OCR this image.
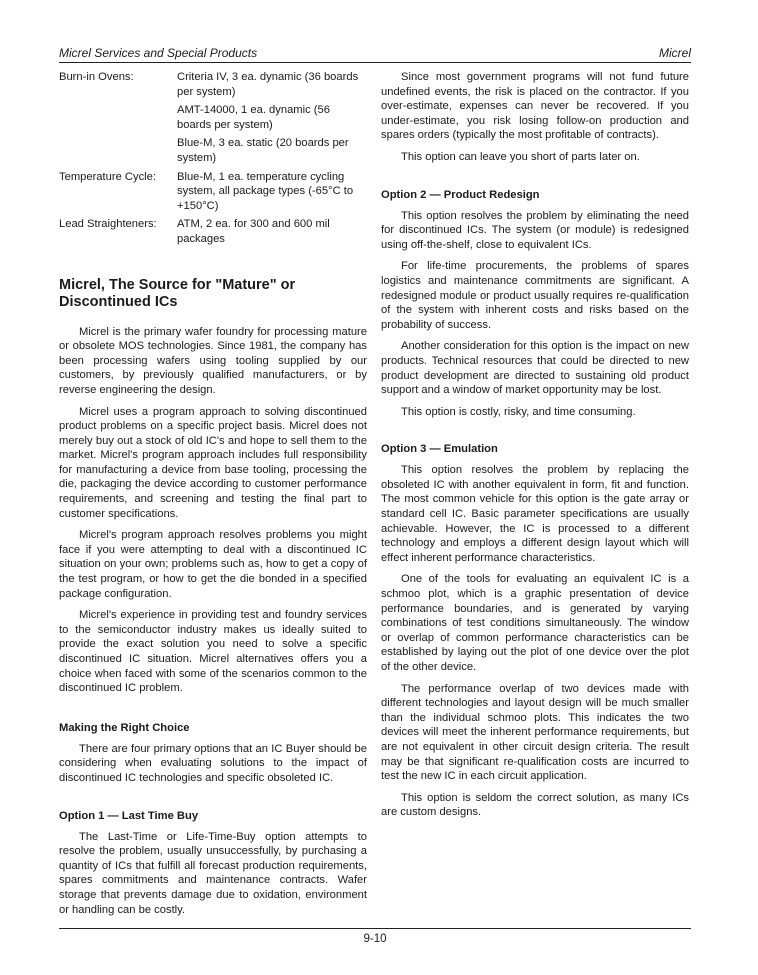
Micrel Services and Special Products	Micrel
Burn-in Ovens:	Criteria IV, 3 ea. dynamic (36 boards per system)
AMT-14000, 1 ea. dynamic (56 boards per system)
Blue-M, 3 ea. static (20 boards per system)
Temperature Cycle:	Blue-M, 1 ea. temperature cycling system, all package types (-65°C to +150°C)
Lead Straighteners:	ATM, 2 ea. for 300 and 600 mil packages
Micrel, The Source for "Mature" or Discontinued ICs

Micrel is the primary wafer foundry for processing mature or obsolete MOS technologies. Since 1981, the company has been processing wafers using tooling supplied by our customers, by previously qualified manufacturers, or by reverse engineering the design.

Micrel uses a program approach to solving discontinued product problems on a specific project basis. Micrel does not merely buy out a stock of old IC's and hope to sell them to the market. Micrel's program approach includes full responsibility for manufacturing a device from base tooling, processing the die, packaging the device according to customer performance requirements, and screening and testing the final part to customer specifications.

Micrel's program approach resolves problems you might face if you were attempting to deal with a discontinued IC situation on your own; problems such as, how to get a copy of the test program, or how to get the die bonded in a specified package configuration.

Micrel's experience in providing test and foundry services to the semiconductor industry makes us ideally suited to provide the exact solution you need to solve a specific discontinued IC situation. Micrel alternatives offers you a choice when faced with some of the scenarios common to the discontinued IC problem.

Making the Right Choice

There are four primary options that an IC Buyer should be considering when evaluating solutions to the impact of discontinued IC technologies and specific obsoleted IC.

Option 1 — Last Time Buy

The Last-Time or Life-Time-Buy option attempts to resolve the problem, usually unsuccessfully, by purchasing a quantity of ICs that fulfill all forecast production requirements, spares commitments and maintenance contracts. Wafer storage that prevents damage due to oxidation, environment or handling can be costly.

Since most government programs will not fund future undefined events, the risk is placed on the contractor. If you over-estimate, expenses can never be recovered. If you under-estimate, you risk losing follow-on production and spares orders (typically the most profitable of contracts).

This option can leave you short of parts later on.

Option 2 — Product Redesign

This option resolves the problem by eliminating the need for discontinued ICs. The system (or module) is redesigned using off-the-shelf, close to equivalent ICs.

For life-time procurements, the problems of spares logistics and maintenance commitments are significant. A redesigned module or product usually requires re-qualification of the system with inherent costs and risks based on the probability of success.

Another consideration for this option is the impact on new products. Technical resources that could be directed to new product development are directed to sustaining old product support and a window of market opportunity may be lost.

This option is costly, risky, and time consuming.

Option 3 — Emulation

This option resolves the problem by replacing the obsoleted IC with another equivalent in form, fit and function. The most common vehicle for this option is the gate array or standard cell IC. Basic parameter specifications are usually achievable. However, the IC is processed to a different technology and employs a different design layout which will effect inherent performance characteristics.

One of the tools for evaluating an equivalent IC is a schmoo plot, which is a graphic presentation of device performance boundaries, and is generated by varying combinations of test conditions simultaneously. The window or overlap of common performance characteristics can be established by laying out the plot of one device over the plot of the other device.

The performance overlap of two devices made with different technologies and layout design will be much smaller than the individual schmoo plots. This indicates the two devices will meet the inherent performance requirements, but are not equivalent in other circuit design criteria. The result may be that significant re-qualification costs are incurred to test the new IC in each circuit application.

This option is seldom the correct solution, as many ICs are custom designs.

9-10
